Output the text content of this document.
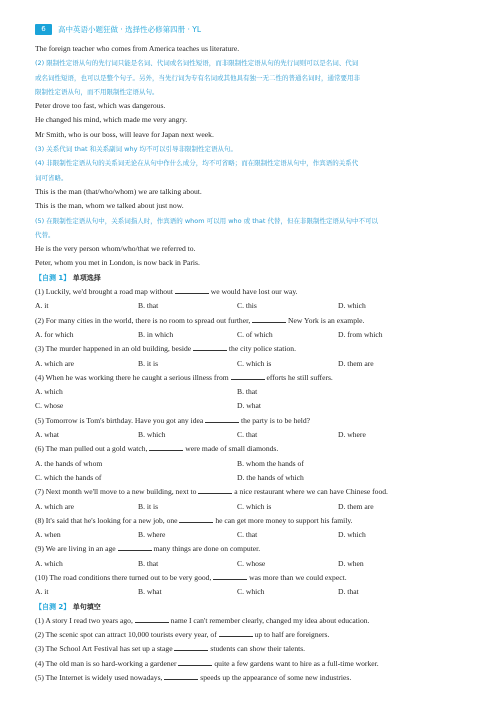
6	高中英语小题狂做 · 选择性必修第四册 · YL
The foreign teacher who comes from America teaches us literature.
(2) 限制性定语从句的先行词只能是名词、代词或名词性短语，而非限制性定语从句的先行词则可以是名词、代词
或名词性短语，也可以是整个句子。另外，当先行词为专有名词或其他具有独一无二性的普通名词时，通常要用非
限制性定语从句，而不用限制性定语从句。
Peter drove too fast, which was dangerous.
He changed his mind, which made me very angry.
Mr Smith, who is our boss, will leave for Japan next week.
(3) 关系代词 that 和关系副词 why 均不可以引导非限制性定语从句。
(4) 非限制性定语从句的关系词无论在从句中作什么成分，均不可省略；而在限制性定语从句中，作宾语的关系代
词可省略。
This is the man (that/who/whom) we are talking about.
This is the man, whom we talked about just now.
(5) 在限制性定语从句中，关系词指人时，作宾语的 whom 可以用 who 或 that 代替，但在非限制性定语从句中不可以
代替。
He is the very person whom/who/that we referred to.
Peter, whom you met in London, is now back in Paris.
【自测 1】 单项选择
(1) Luckily, we'd brought a road map without	we would have lost our way.
A. it	B. that	C. this	D. which
(2) For many cities in the world, there is no room to spread out further,	New York is an example.
A. for which	B. in which	C. of which	D. from which
(3) The murder happened in an old building, beside	the city police station.
A. which are	B. it is	C. which is	D. them are
(4) When he was working there he caught a serious illness from	efforts he still suffers.
A. which	B. that
C. whose	D. what
(5) Tomorrow is Tom's birthday. Have you got any idea	the party is to be held?
A. what	B. which	C. that	D. where
(6) The man pulled out a gold watch,	were made of small diamonds.
A. the hands of whom	B. whom the hands of
C. which the hands of	D. the hands of which
(7) Next month we'll move to a new building, next to	a nice restaurant where we can have Chinese food.
A. which are	B. it is	C. which is	D. them are
(8) It's said that he's looking for a new job, one	he can get more money to support his family.
A. when	B. where	C. that	D. which
(9) We are living in an age	many things are done on computer.
A. which	B. that	C. whose	D. when
(10) The road conditions there turned out to be very good,	was more than we could expect.
A. it	B. what	C. which	D. that
【自测 2】 单句填空
(1) A story I read two years ago,	name I can't remember clearly, changed my idea about education.
(2) The scenic spot can attract 10,000 tourists every year, of	up to half are foreigners.
(3) The School Art Festival has set up a stage	students can show their talents.
(4) The old man is so hard-working a gardener	quite a few gardens want to hire as a full-time worker.
(5) The Internet is widely used nowadays,	speeds up the appearance of some new industries.
